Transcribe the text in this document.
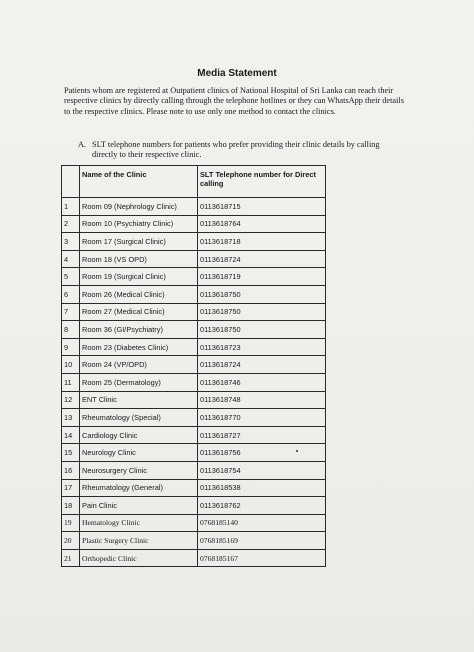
Media Statement
Patients whom are registered at Outpatient clinics of National Hospital of Sri Lanka can reach their respective clinics by directly calling through the telephone hotlines or they can WhatsApp their details to the respective clinics. Please note to use only one method to contact the clinics.
A. SLT telephone numbers for patients who prefer providing their clinic details by calling directly to their respective clinic.
	Name of the Clinic	SLT Telephone number for Direct calling
1	Room 09 (Nephrology Clinic)	0113618715
2	Room 10 (Psychiatry Clinic)	0113618764
3	Room 17 (Surgical Clinic)	0113618718
4	Room 18 (VS OPD)	0113618724
5	Room 19 (Surgical Clinic)	0113618719
6	Room 26 (Medical Clinic)	0113618750
7	Room 27 (Medical Clinic)	0113618750
8	Room 36 (GI/Psychiatry)	0113618750
9	Room 23 (Diabetes Clinic)	0113618723
10	Room 24 (VP/OPD)	0113618724
11	Room 25 (Dermatology)	0113618746
12	ENT Clinic	0113618748
13	Rheumatology (Special)	0113618770
14	Cardiology Clinic	0113618727
15	Neurology Clinic	0113618756
16	Neurosurgery Clinic	0113618754
17	Rheumatology (General)	0113618538
18	Pain Clinic	0113618762
19	Hematology Clinic	0768185140
20	Plastic Surgery Clinic	0768185169
21	Orthopedic Clinic	0768185167
